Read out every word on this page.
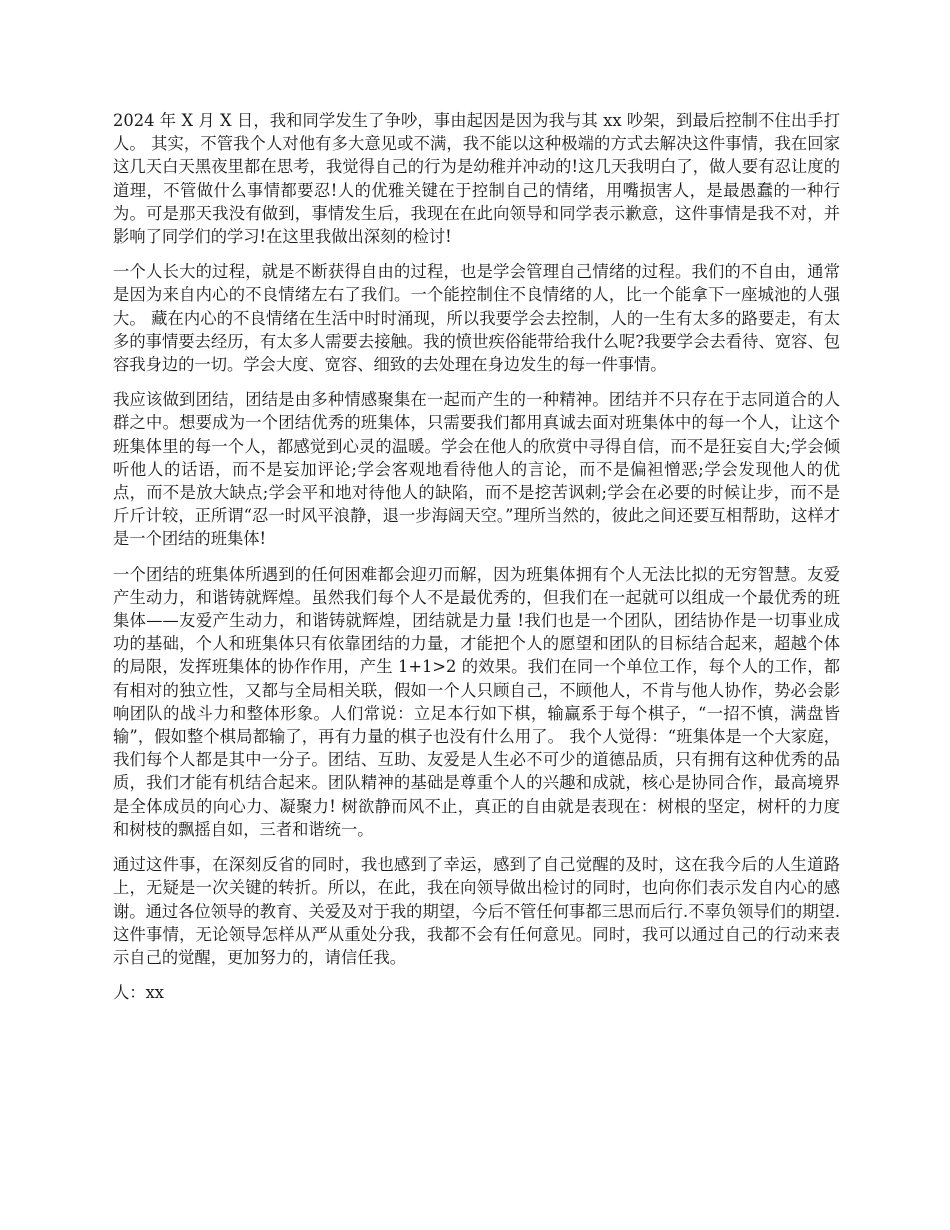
2024 年 X 月 X 日，我和同学发生了争吵，事由起因是因为我与其 xx 吵架，到最后控制不住出手打人。 其实，不管我个人对他有多大意见或不满，我不能以这种极端的方式去解决这件事情，我在回家这几天白天黑夜里都在思考，我觉得自己的行为是幼稚并冲动的!这几天我明白了，做人要有忍让度的道理，不管做什么事情都要忍!人的优雅关键在于控制自己的情绪，用嘴损害人，是最愚蠢的一种行为。可是那天我没有做到，事情发生后，我现在在此向领导和同学表示歉意，这件事情是我不对，并影响了同学们的学习!在这里我做出深刻的检讨!

一个人长大的过程，就是不断获得自由的过程，也是学会管理自己情绪的过程。我们的不自由，通常是因为来自内心的不良情绪左右了我们。一个能控制住不良情绪的人，比一个能拿下一座城池的人强大。 藏在内心的不良情绪在生活中时时涌现，所以我要学会去控制，人的一生有太多的路要走，有太多的事情要去经历，有太多人需要去接触。我的愤世疾俗能带给我什么呢?我要学会去看待、宽容、包容我身边的一切。学会大度、宽容、细致的去处理在身边发生的每一件事情。

我应该做到团结，团结是由多种情感聚集在一起而产生的一种精神。团结并不只存在于志同道合的人群之中。想要成为一个团结优秀的班集体，只需要我们都用真诚去面对班集体中的每一个人，让这个班集体里的每一个人，都感觉到心灵的温暖。学会在他人的欣赏中寻得自信，而不是狂妄自大;学会倾听他人的话语，而不是妄加评论;学会客观地看待他人的言论，而不是偏袒憎恶;学会发现他人的优点，而不是放大缺点;学会平和地对待他人的缺陷，而不是挖苦讽刺;学会在必要的时候让步，而不是斤斤计较，正所谓“忍一时风平浪静，退一步海阔天空。”理所当然的，彼此之间还要互相帮助，这样才是一个团结的班集体!

一个团结的班集体所遇到的任何困难都会迎刃而解，因为班集体拥有个人无法比拟的无穷智慧。友爱产生动力，和谐铸就辉煌。虽然我们每个人不是最优秀的，但我们在一起就可以组成一个最优秀的班集体——友爱产生动力，和谐铸就辉煌，团结就是力量 !我们也是一个团队，团结协作是一切事业成功的基础，个人和班集体只有依靠团结的力量，才能把个人的愿望和团队的目标结合起来，超越个体的局限，发挥班集体的协作作用，产生 1+1>2 的效果。我们在同一个单位工作，每个人的工作，都有相对的独立性，又都与全局相关联，假如一个人只顾自己，不顾他人，不肯与他人协作，势必会影响团队的战斗力和整体形象。人们常说：立足本行如下棋，输赢系于每个棋子，“一招不慎，满盘皆输”，假如整个棋局都输了，再有力量的棋子也没有什么用了。 我个人觉得：“班集体是一个大家庭，我们每个人都是其中一分子。团结、互助、友爱是人生必不可少的道德品质，只有拥有这种优秀的品质，我们才能有机结合起来。团队精神的基础是尊重个人的兴趣和成就，核心是协同合作，最高境界是全体成员的向心力、凝聚力! 树欲静而风不止，真正的自由就是表现在：树根的坚定，树杆的力度和树枝的飘摇自如，三者和谐统一。

通过这件事，在深刻反省的同时，我也感到了幸运，感到了自己觉醒的及时，这在我今后的人生道路上，无疑是一次关键的转折。所以，在此，我在向领导做出检讨的同时，也向你们表示发自内心的感谢。通过各位领导的教育、关爱及对于我的期望，今后不管任何事都三思而后行.不辜负领导们的期望. 这件事情，无论领导怎样从严从重处分我，我都不会有任何意见。同时，我可以通过自己的行动来表示自己的觉醒，更加努力的，请信任我。

人：xx
